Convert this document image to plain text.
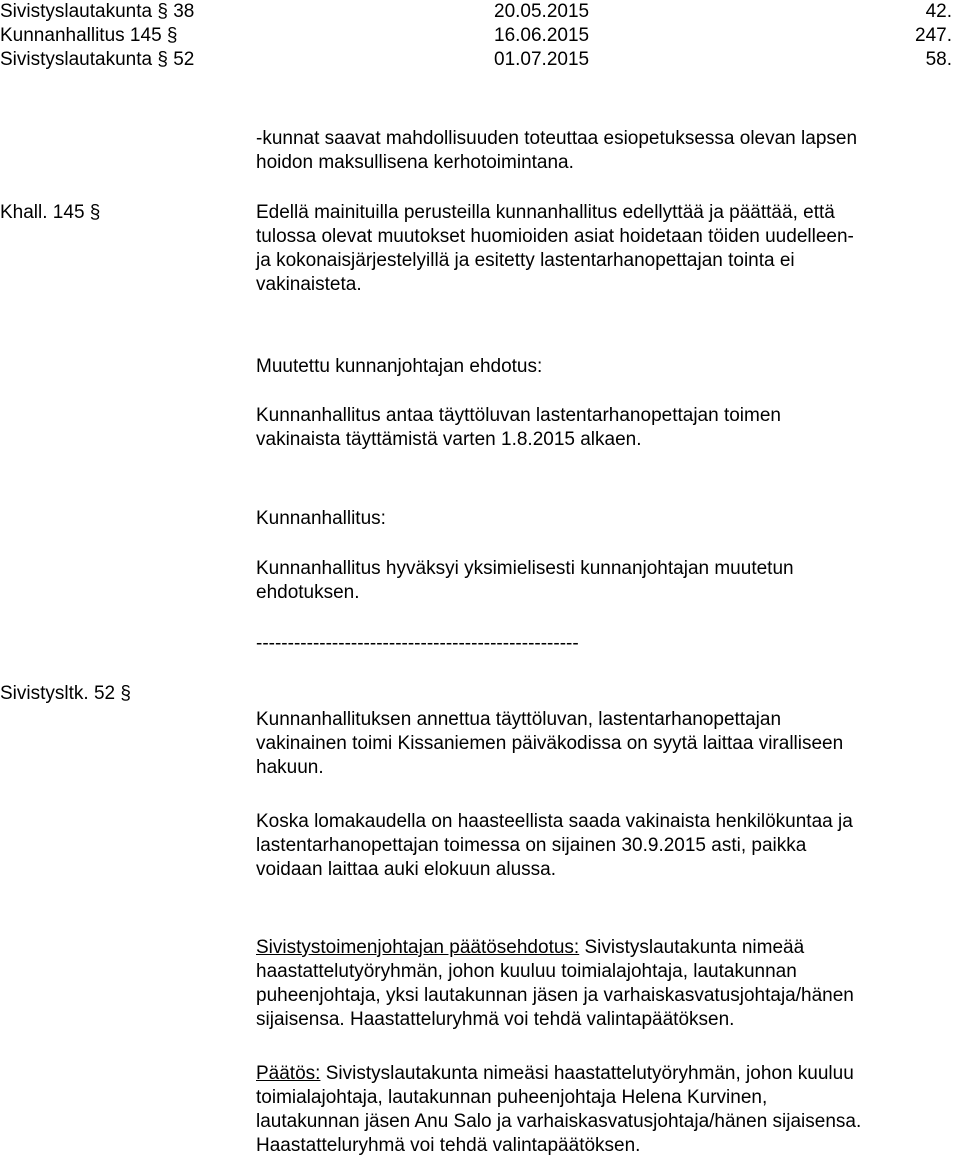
Sivistyslautakunta § 38	20.05.2015	42.
Kunnanhallitus 145 §	16.06.2015	247.
Sivistyslautakunta § 52	01.07.2015	58.
-kunnat saavat mahdollisuuden toteuttaa esiopetuksessa olevan lapsen
hoidon maksullisena kerhotoimintana.
Khall. 145 §	Edellä mainituilla perusteilla kunnanhallitus edellyttää ja päättää, että
tulossa olevat muutokset huomioiden asiat hoidetaan töiden uudelleen-
ja kokonaisjärjestelyillä ja esitetty lastentarhanopettajan tointa ei
vakinaisteta.
Muutettu kunnanjohtajan ehdotus:
Kunnanhallitus antaa täyttöluvan lastentarhanopettajan toimen
vakinaista täyttämistä varten 1.8.2015 alkaen.
Kunnanhallitus:
Kunnanhallitus hyväksyi yksimielisesti kunnanjohtajan muutetun
ehdotuksen.
---------------------------------------------------
Sivistysltk. 52 §
Kunnanhallituksen annettua täyttöluvan, lastentarhanopettajan
vakinainen toimi Kissaniemen päiväkodissa on syytä laittaa viralliseen
hakuun.
Koska lomakaudella on haasteellista saada vakinaista henkilökuntaa ja
lastentarhanopettajan toimessa on sijainen 30.9.2015 asti, paikka
voidaan laittaa auki elokuun alussa.
Sivistystoimenjohtajan päätösehdotus: Sivistyslautakunta nimeää
haastattelutyöryhmän, johon kuuluu toimialajohtaja, lautakunnan
puheenjohtaja, yksi lautakunnan jäsen ja varhaiskasvatusjohtaja/hänen
sijaisensa. Haastatteluryhmä voi tehdä valintapäätöksen.
Päätös: Sivistyslautakunta nimeäsi haastattelutyöryhmän, johon kuuluu
toimialajohtaja, lautakunnan puheenjohtaja Helena Kurvinen,
lautakunnan jäsen Anu Salo ja varhaiskasvatusjohtaja/hänen sijaisensa.
Haastatteluryhmä voi tehdä valintapäätöksen.
